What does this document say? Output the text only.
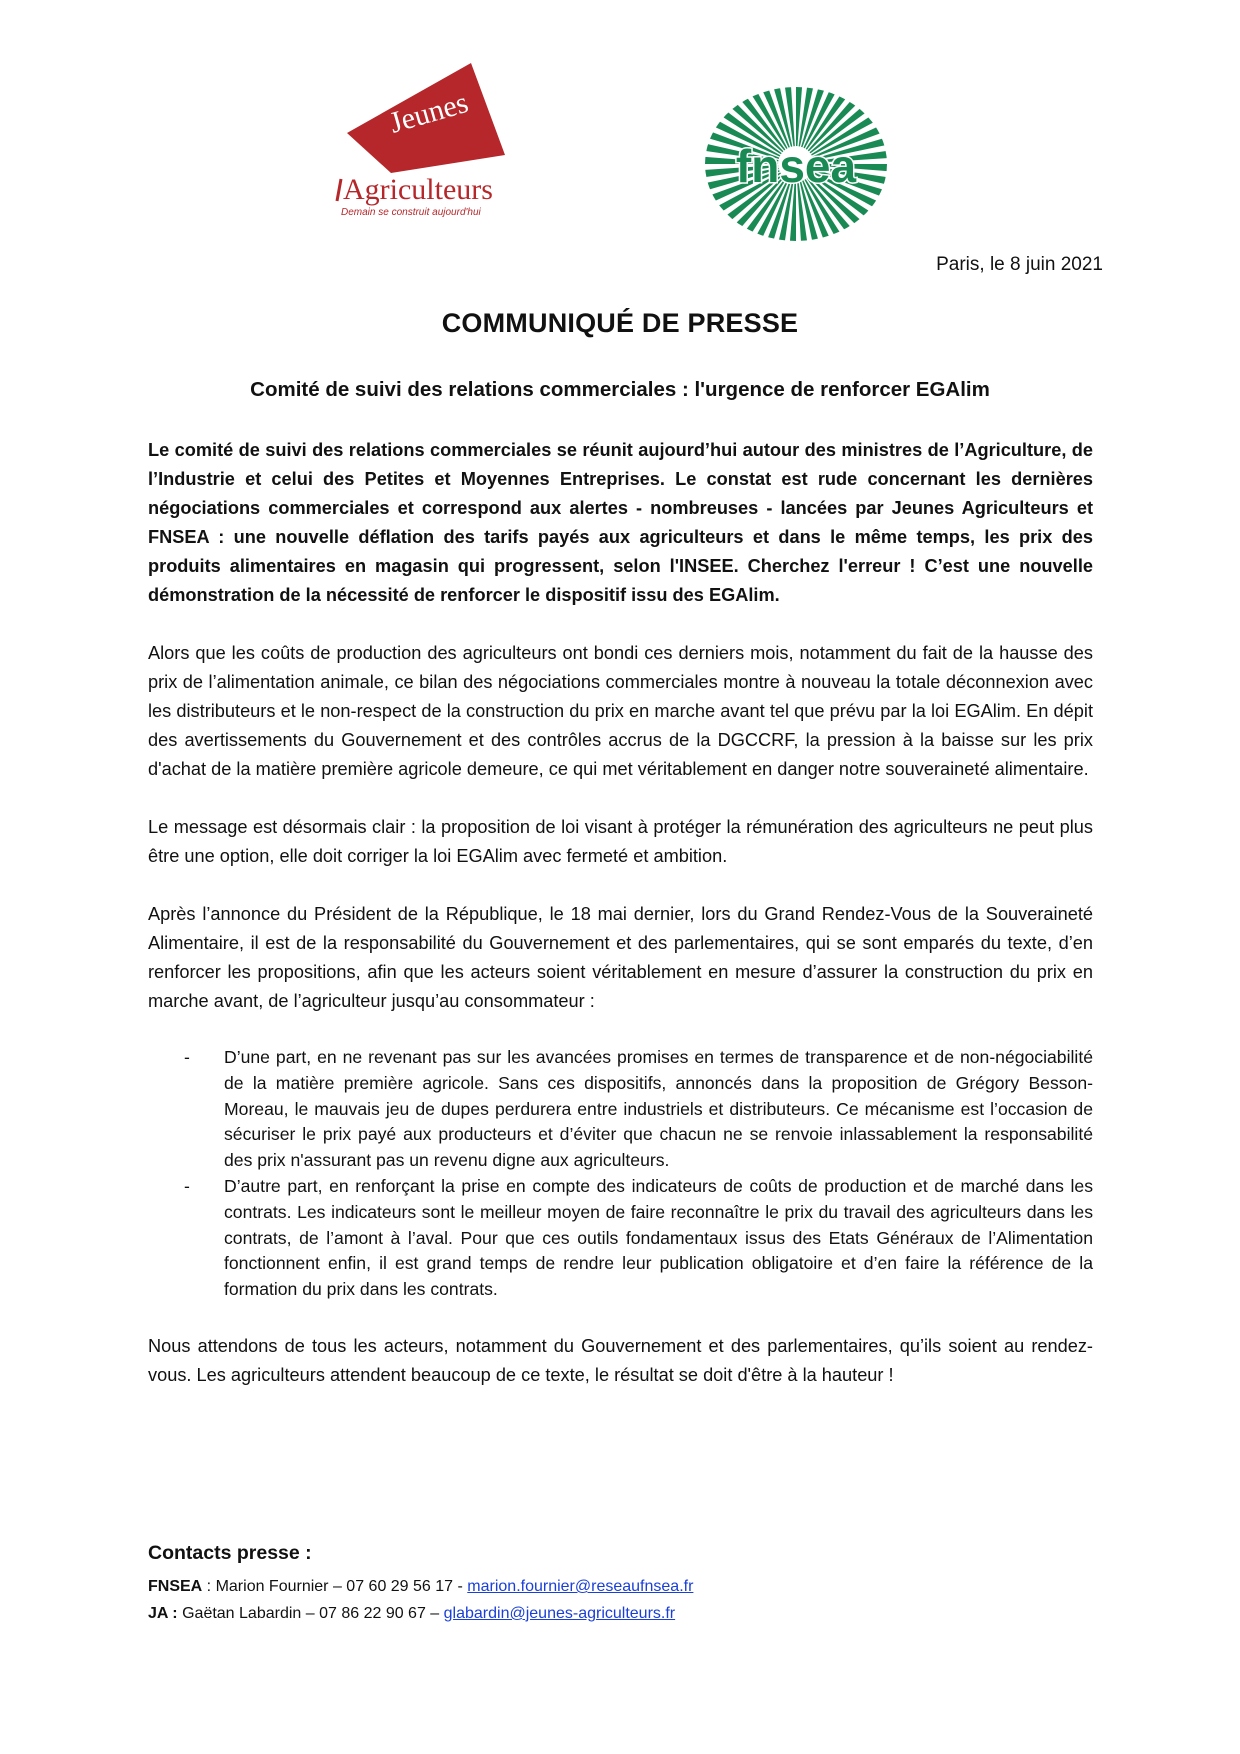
Jeunes
Agriculteurs
Demain se construit aujourd'hui
fnsea
Paris, le 8 juin 2021
COMMUNIQUÉ DE PRESSE
Comité de suivi des relations commerciales : l'urgence de renforcer EGAlim

Le comité de suivi des relations commerciales se réunit aujourd’hui autour des ministres de l’Agriculture, de l’Industrie et celui des Petites et Moyennes Entreprises. Le constat est rude concernant les dernières négociations commerciales et correspond aux alertes - nombreuses - lancées par Jeunes Agriculteurs et FNSEA : une nouvelle déflation des tarifs payés aux agriculteurs et dans le même temps, les prix des produits alimentaires en magasin qui progressent, selon l'INSEE. Cherchez l'erreur ! C’est une nouvelle démonstration de la nécessité de renforcer le dispositif issu des EGAlim.

Alors que les coûts de production des agriculteurs ont bondi ces derniers mois, notamment du fait de la hausse des prix de l’alimentation animale, ce bilan des négociations commerciales montre à nouveau la totale déconnexion avec les distributeurs et le non-respect de la construction du prix en marche avant tel que prévu par la loi EGAlim. En dépit des avertissements du Gouvernement et des contrôles accrus de la DGCCRF, la pression à la baisse sur les prix d'achat de la matière première agricole demeure, ce qui met véritablement en danger notre souveraineté alimentaire.

Le message est désormais clair : la proposition de loi visant à protéger la rémunération des agriculteurs ne peut plus être une option, elle doit corriger la loi EGAlim avec fermeté et ambition.

Après l’annonce du Président de la République, le 18 mai dernier, lors du Grand Rendez-Vous de la Souveraineté Alimentaire, il est de la responsabilité du Gouvernement et des parlementaires, qui se sont emparés du texte, d’en renforcer les propositions, afin que les acteurs soient véritablement en mesure d’assurer la construction du prix en marche avant, de l’agriculteur jusqu’au consommateur :

- D’une part, en ne revenant pas sur les avancées promises en termes de transparence et de non-négociabilité de la matière première agricole. Sans ces dispositifs, annoncés dans la proposition de Grégory Besson-Moreau, le mauvais jeu de dupes perdurera entre industriels et distributeurs. Ce mécanisme est l’occasion de sécuriser le prix payé aux producteurs et d’éviter que chacun ne se renvoie inlassablement la responsabilité des prix n'assurant pas un revenu digne aux agriculteurs.
- D’autre part, en renforçant la prise en compte des indicateurs de coûts de production et de marché dans les contrats. Les indicateurs sont le meilleur moyen de faire reconnaître le prix du travail des agriculteurs dans les contrats, de l’amont à l’aval. Pour que ces outils fondamentaux issus des Etats Généraux de l’Alimentation fonctionnent enfin, il est grand temps de rendre leur publication obligatoire et d’en faire la référence de la formation du prix dans les contrats.

Nous attendons de tous les acteurs, notamment du Gouvernement et des parlementaires, qu’ils soient au rendez-vous. Les agriculteurs attendent beaucoup de ce texte, le résultat se doit d'être à la hauteur !

Contacts presse :
FNSEA : Marion Fournier – 07 60 29 56 17 - marion.fournier@reseaufnsea.fr
JA : Gaëtan Labardin – 07 86 22 90 67 – glabardin@jeunes-agriculteurs.fr
